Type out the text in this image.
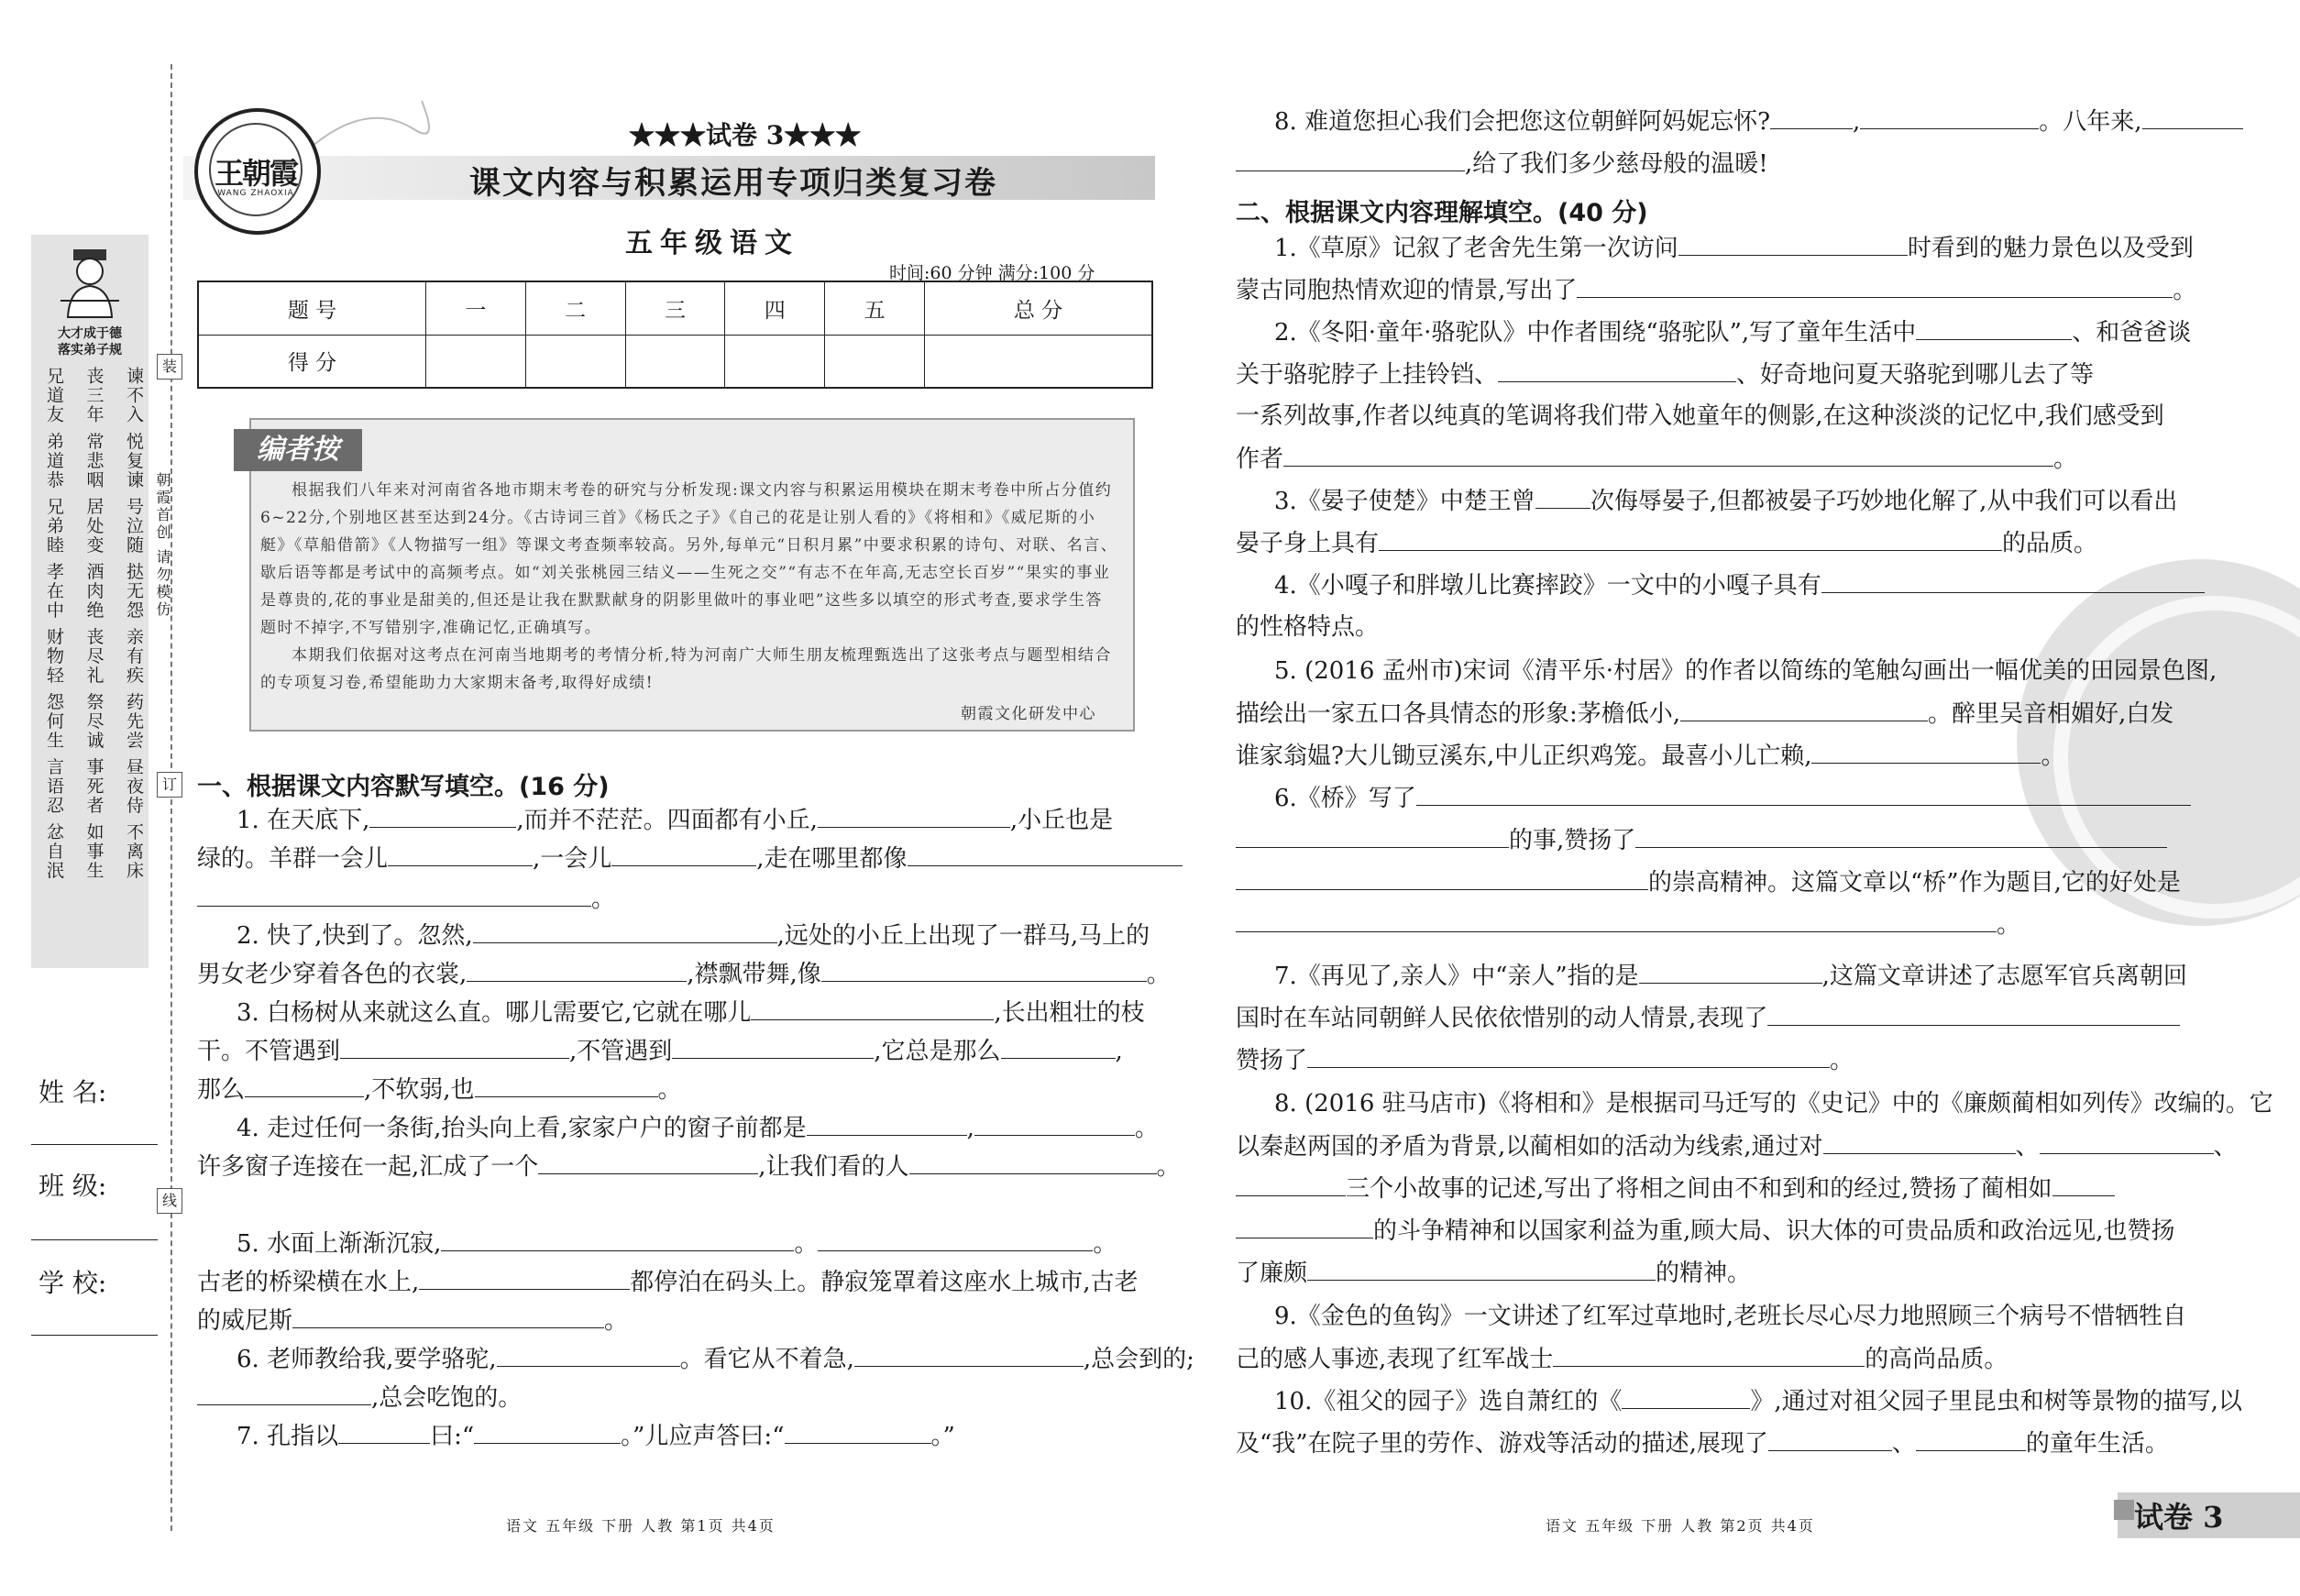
大才成于德
落实弟子规
谏不入 悦复谏 号泣随 挞无怨 亲有疾 药先尝 昼夜侍 不离床
丧三年 常悲咽 居处变 酒肉绝 丧尽礼 祭尽诚 事死者 如事生
兄道友 弟道恭 兄弟睦 孝在中 财物轻 怨何生 言语忍 忿自泯
装
订
线
朝霞首创 请勿模仿
姓 名:
班 级:
学 校:
王朝霞
WANG ZHAOXIA
★★★试卷 3★★★
课文内容与积累运用专项归类复习卷
五年级语文
时间:60 分钟 满分:100 分
题 号	一	二	三	四	五	总 分
得 分						
编者按
根据我们八年来对河南省各地市期末考卷的研究与分析发现:课文内容与积累运用模块在期末考卷中所占分值约6~22分,个别地区甚至达到24分。《古诗词三首》《杨氏之子》《自己的花是让别人看的》《将相和》《威尼斯的小艇》《草船借箭》《人物描写一组》等课文考查频率较高。另外,每单元“日积月累”中要求积累的诗句、对联、名言、歇后语等都是考试中的高频考点。如“刘关张桃园三结义——生死之交”“有志不在年高,无志空长百岁”“果实的事业是尊贵的,花的事业是甜美的,但还是让我在默默献身的阴影里做叶的事业吧”这些多以填空的形式考查,要求学生答题时不掉字,不写错别字,准确记忆,正确填写。
本期我们依据对这考点在河南当地期考的考情分析,特为河南广大师生朋友梳理甄选出了这张考点与题型相结合的专项复习卷,希望能助力大家期末备考,取得好成绩!
朝霞文化研发中心
一、根据课文内容默写填空。(16 分)
1. 在天底下,	,而并不茫茫。四面都有小丘,	,小丘也是
绿的。羊群一会儿	,一会儿	,走在哪里都像
。
2. 快了,快到了。忽然,	,远处的小丘上出现了一群马,马上的
男女老少穿着各色的衣裳,	,襟飘带舞,像	。
3. 白杨树从来就这么直。哪儿需要它,它就在哪儿	,长出粗壮的枝
干。不管遇到	,不管遇到	,它总是那么	,
那么	,不软弱,也	。
4. 走过任何一条街,抬头向上看,家家户户的窗子前都是	,	。
许多窗子连接在一起,汇成了一个	,让我们看的人	。
5. 水面上渐渐沉寂,	。	。
古老的桥梁横在水上,	都停泊在码头上。静寂笼罩着这座水上城市,古老
的威尼斯	。
6. 老师教给我,要学骆驼,	。看它从不着急,	,总会到的;
,总会吃饱的。
7. 孔指以	曰:“	。”儿应声答曰:“	。”
8. 难道您担心我们会把您这位朝鲜阿妈妮忘怀?	,	。八年来,
,给了我们多少慈母般的温暖!
二、根据课文内容理解填空。(40 分)
1.《草原》记叙了老舍先生第一次访问	时看到的魅力景色以及受到
蒙古同胞热情欢迎的情景,写出了	。
2.《冬阳·童年·骆驼队》中作者围绕“骆驼队”,写了童年生活中	、和爸爸谈
关于骆驼脖子上挂铃铛、	、好奇地问夏天骆驼到哪儿去了等
一系列故事,作者以纯真的笔调将我们带入她童年的侧影,在这种淡淡的记忆中,我们感受到
作者	。
3.《晏子使楚》中楚王曾 次侮辱晏子,但都被晏子巧妙地化解了,从中我们可以看出
晏子身上具有	的品质。
4.《小嘎子和胖墩儿比赛摔跤》一文中的小嘎子具有
的性格特点。
5. (2016 孟州市)宋词《清平乐·村居》的作者以简练的笔触勾画出一幅优美的田园景色图,
描绘出一家五口各具情态的形象:茅檐低小,	。醉里吴音相媚好,白发
谁家翁媪?大儿锄豆溪东,中儿正织鸡笼。最喜小儿亡赖,	。
6.《桥》写了
的事,赞扬了
的崇高精神。这篇文章以“桥”作为题目,它的好处是
。
7.《再见了,亲人》中“亲人”指的是	,这篇文章讲述了志愿军官兵离朝回
国时在车站同朝鲜人民依依惜别的动人情景,表现了
赞扬了	。
8. (2016 驻马店市)《将相和》是根据司马迁写的《史记》中的《廉颇蔺相如列传》改编的。它
以秦赵两国的矛盾为背景,以蔺相如的活动为线索,通过对	、	、
三个小故事的记述,写出了将相之间由不和到和的经过,赞扬了蔺相如
的斗争精神和以国家利益为重,顾大局、识大体的可贵品质和政治远见,也赞扬
了廉颇	的精神。
9.《金色的鱼钩》一文讲述了红军过草地时,老班长尽心尽力地照顾三个病号不惜牺牲自
己的感人事迹,表现了红军战士	的高尚品质。
10.《祖父的园子》选自萧红的《	》,通过对祖父园子里昆虫和树等景物的描写,以
及“我”在院子里的劳作、游戏等活动的描述,展现了	、	的童年生活。
语文 五年级 下册 人教 第1页 共4页	语文 五年级 下册 人教 第2页 共4页	试卷 3
